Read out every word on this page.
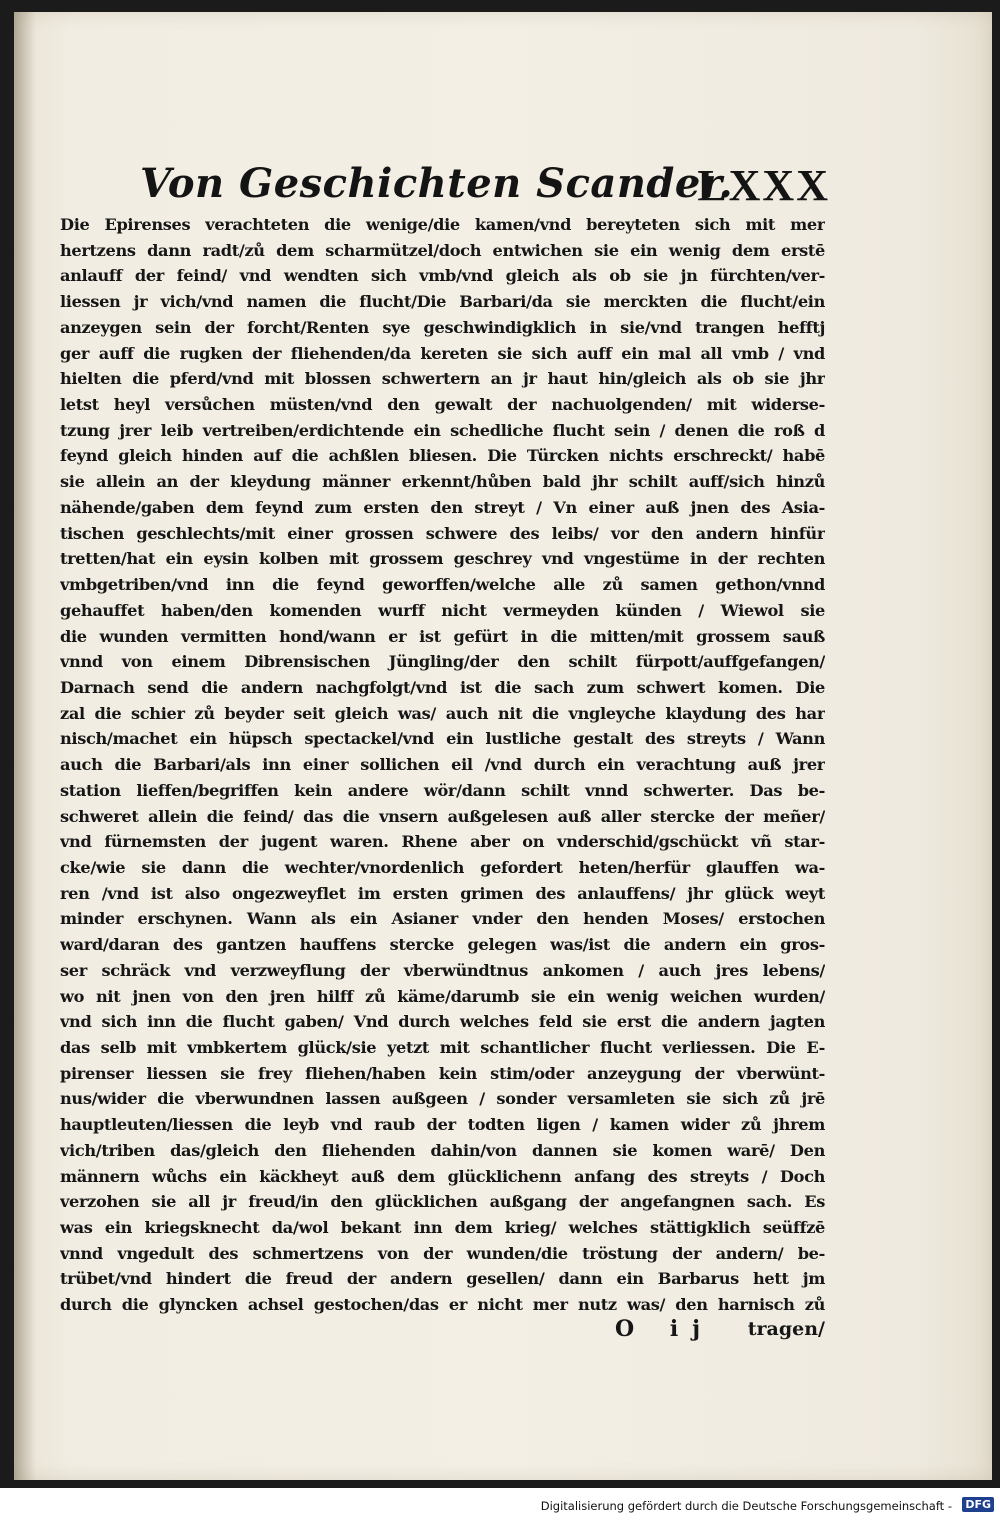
Von Geschichten Scander.
LXXX
Die Epirenses verachteten die wenige/die kamen/vnd bereyteten sich mit mer
hertzens dann radt/zů dem scharmützel/doch entwichen sie ein wenig dem erstē
anlauff der feind/ vnd wendten sich vmb/vnd gleich als ob sie jn fürchten/ver-
liessen jr vich/vnd namen die flucht/Die Barbari/da sie merckten die flucht/ein
anzeygen sein der forcht/Renten sye geschwindigklich in sie/vnd trangen hefftj
ger auff die rugken der fliehenden/da kereten sie sich auff ein mal all vmb / vnd
hielten die pferd/vnd mit blossen schwertern an jr haut hin/gleich als ob sie jhr
letst heyl versůchen müsten/vnd den gewalt der nachuolgenden/ mit widerse-
tzung jrer leib vertreiben/erdichtende ein schedliche flucht sein / denen die roß d
feynd gleich hinden auf die achßlen bliesen. Die Türcken nichts erschreckt/ habē
sie allein an der kleydung männer erkennt/hůben bald jhr schilt auff/sich hinzů
nähende/gaben dem feynd zum ersten den streyt / Vn einer auß jnen des Asia-
tischen geschlechts/mit einer grossen schwere des leibs/ vor den andern hinfür
tretten/hat ein eysin kolben mit grossem geschrey vnd vngestüme in der rechten
vmbgetriben/vnd inn die feynd geworffen/welche alle zů samen gethon/vnnd
gehauffet haben/den komenden wurff nicht vermeyden künden / Wiewol sie
die wunden vermitten hond/wann er ist gefürt in die mitten/mit grossem sauß
vnnd von einem Dibrensischen Jüngling/der den schilt fürpott/auffgefangen/
Darnach send die andern nachgfolgt/vnd ist die sach zum schwert komen. Die
zal die schier zů beyder seit gleich was/ auch nit die vngleyche klaydung des har
nisch/machet ein hüpsch spectackel/vnd ein lustliche gestalt des streyts / Wann
auch die Barbari/als inn einer sollichen eil /vnd durch ein verachtung auß jrer
station lieffen/begriffen kein andere wör/dann schilt vnnd schwerter. Das be-
schweret allein die feind/ das die vnsern außgelesen auß aller stercke der meñer/
vnd fürnemsten der jugent waren. Rhene aber on vnderschid/gschückt vñ star-
cke/wie sie dann die wechter/vnordenlich gefordert heten/herfür glauffen wa-
ren /vnd ist also ongezweyflet im ersten grimen des anlauffens/ jhr glück weyt
minder erschynen. Wann als ein Asianer vnder den henden Moses/ erstochen
ward/daran des gantzen hauffens stercke gelegen was/ist die andern ein gros-
ser schräck vnd verzweyflung der vberwündtnus ankomen / auch jres lebens/
wo nit jnen von den jren hilff zů käme/darumb sie ein wenig weichen wurden/
vnd sich inn die flucht gaben/ Vnd durch welches feld sie erst die andern jagten
das selb mit vmbkertem glück/sie yetzt mit schantlicher flucht verliessen. Die E-
pirenser liessen sie frey fliehen/haben kein stim/oder anzeygung der vberwünt-
nus/wider die vberwundnen lassen außgeen / sonder versamleten sie sich zů jrē
hauptleuten/liessen die leyb vnd raub der todten ligen / kamen wider zů jhrem
vich/triben das/gleich den fliehenden dahin/von dannen sie komen warē/ Den
männern wůchs ein käckheyt auß dem glücklichenn anfang des streyts / Doch
verzohen sie all jr freud/in den glücklichen außgang der angefangnen sach. Es
was ein kriegsknecht da/wol bekant inn dem krieg/ welches stättigklich seüffzē
vnnd vngedult des schmertzens von der wunden/die tröstung der andern/ be-
trübet/vnd hindert die freud der andern gesellen/ dann ein Barbarus hett jm
durch die glyncken achsel gestochen/das er nicht mer nutz was/ den harnisch zů
O ij tragen/
Digitalisierung gefördert durch die Deutsche Forschungsgemeinschaft - DFG
